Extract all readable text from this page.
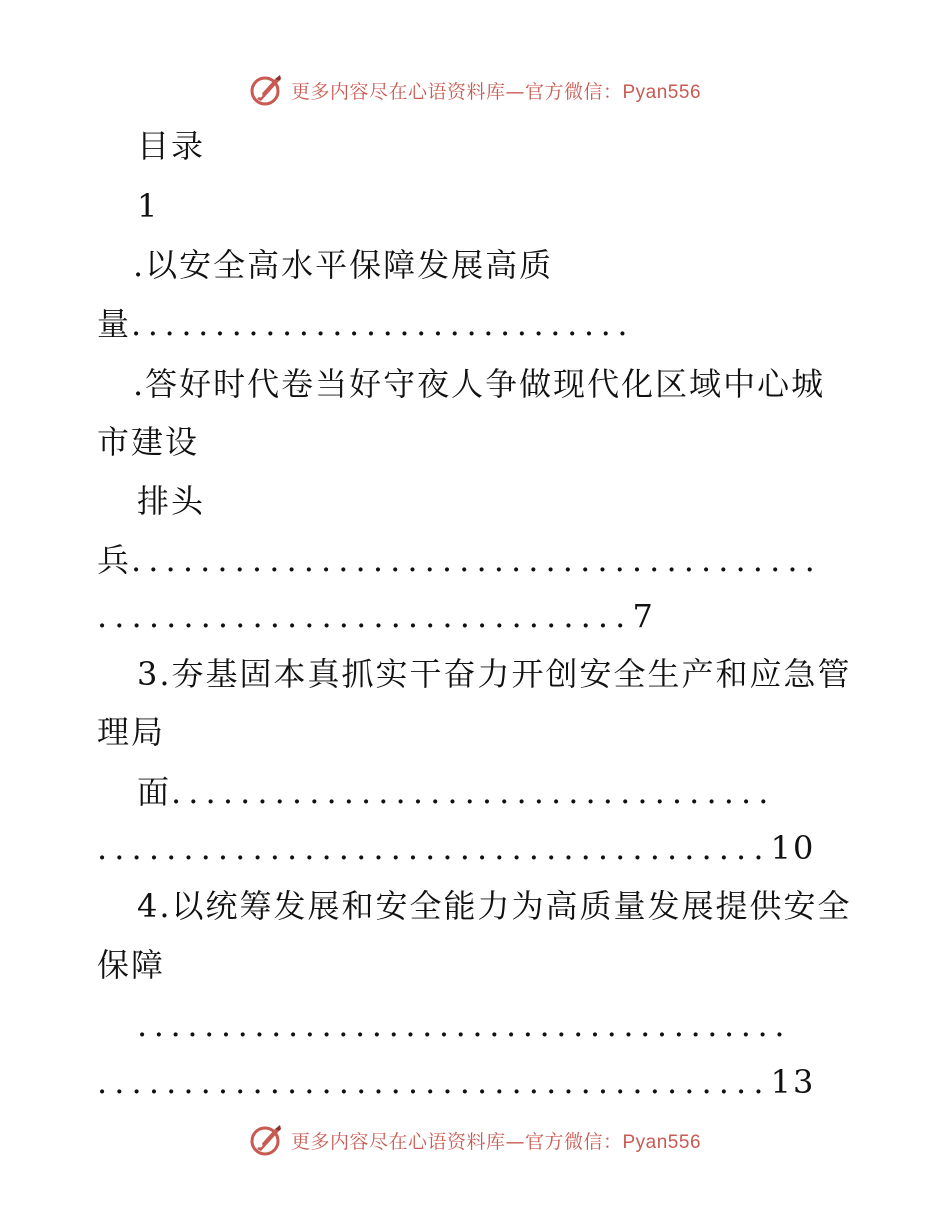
更多内容尽在心语资料库—官方微信：Pyan556
目录
1
.以安全高水平保障发展高质
量..............................
.答好时代卷当好守夜人争做现代化区域中心城
市建设
排头
兵........................................
...............................7
3.夯基固本真抓实干奋力开创安全生产和应急管
理局
面...................................
.......................................10
4.以统筹发展和安全能力为高质量发展提供安全
保障
.......................................
.......................................13
更多内容尽在心语资料库—官方微信：Pyan556
